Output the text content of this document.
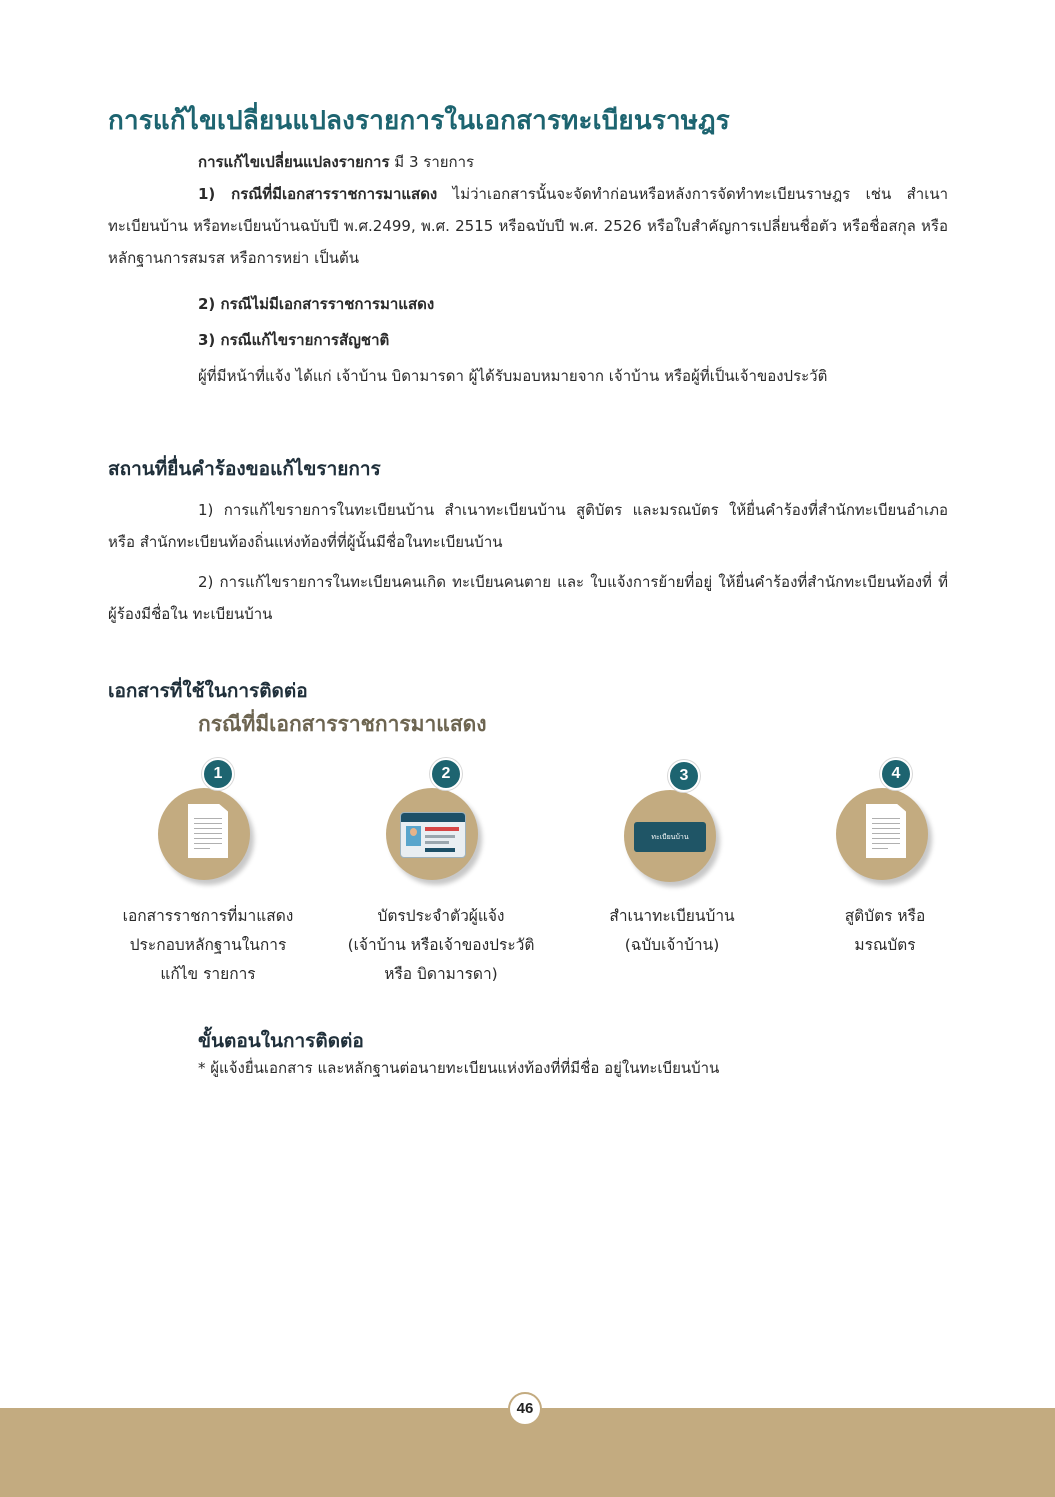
การแก้ไขเปลี่ยนแปลงรายการในเอกสารทะเบียนราษฎร

การแก้ไขเปลี่ยนแปลงรายการ มี 3 รายการ

1) กรณีที่มีเอกสารราชการมาแสดง ไม่ว่าเอกสารนั้นจะจัดทำก่อนหรือหลังการจัดทำทะเบียนราษฎร เช่น สำเนาทะเบียนบ้าน หรือทะเบียนบ้านฉบับปี พ.ศ.2499, พ.ศ. 2515 หรือฉบับปี พ.ศ. 2526 หรือใบสำคัญการเปลี่ยนชื่อตัว หรือชื่อสกุล หรือหลักฐานการสมรส หรือการหย่า เป็นต้น

2) กรณีไม่มีเอกสารราชการมาแสดง

3) กรณีแก้ไขรายการสัญชาติ

ผู้ที่มีหน้าที่แจ้ง ได้แก่ เจ้าบ้าน บิดามารดา ผู้ได้รับมอบหมายจาก เจ้าบ้าน หรือผู้ที่เป็นเจ้าของประวัติ

สถานที่ยื่นคำร้องขอแก้ไขรายการ

1) การแก้ไขรายการในทะเบียนบ้าน สำเนาทะเบียนบ้าน สูติบัตร และมรณบัตร ให้ยื่นคำร้องที่สำนักทะเบียนอำเภอ หรือ สำนักทะเบียนท้องถิ่นแห่งท้องที่ที่ผู้นั้นมีชื่อในทะเบียนบ้าน

2) การแก้ไขรายการในทะเบียนคนเกิด ทะเบียนคนตาย และ ใบแจ้งการย้ายที่อยู่ ให้ยื่นคำร้องที่สำนักทะเบียนท้องที่ ที่ผู้ร้องมีชื่อใน ทะเบียนบ้าน

เอกสารที่ใช้ในการติดต่อ
กรณีที่มีเอกสารราชการมาแสดง
1	2	3
ทะเบียนบ้าน
4
เอกสารราชการที่มาแสดง
ประกอบหลักฐานในการ
แก้ไข รายการ
บัตรประจำตัวผู้แจ้ง
(เจ้าบ้าน หรือเจ้าของประวัติ
หรือ บิดามารดา)
สำเนาทะเบียนบ้าน
(ฉบับเจ้าบ้าน)
สูติบัตร หรือ
มรณบัตร
ขั้นตอนในการติดต่อ

* ผู้แจ้งยื่นเอกสาร และหลักฐานต่อนายทะเบียนแห่งท้องที่ที่มีชื่อ อยู่ในทะเบียนบ้าน

46
